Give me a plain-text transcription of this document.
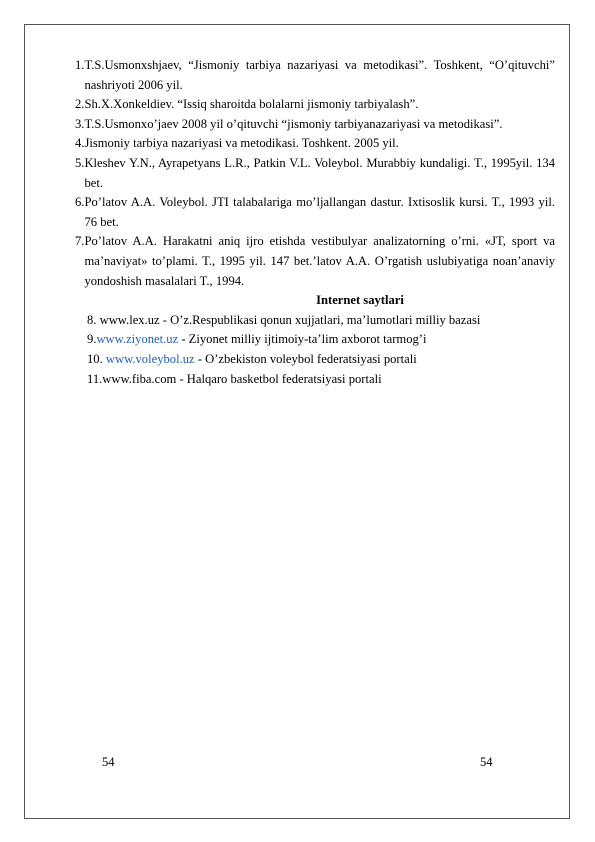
1. T.S.Usmonxshjaev, “Jismoniy tarbiya nazariyasi va metodikasi”. Toshkent, “O’qituvchi” nashriyoti 2006 yil.

2. Sh.X.Xonkeldiev. “Issiq sharoitda bolalarni jismoniy tarbiyalash”.

3. T.S.Usmonxo’jaev 2008 yil o’qituvchi “jismoniy tarbiyanazariyasi va metodikasi”.

4. Jismoniy tarbiya nazariyasi va metodikasi. Toshkent. 2005 yil.

5. Kleshev Y.N., Ayrapetyans L.R., Patkin V.L. Voleybol. Murabbiy kundaligi. T., 1995yil. 134 bet.

6. Po’latov A.A. Voleybol. JTI talabalariga mo’ljallangan dastur. Ixtisoslik kursi. T., 1993 yil. 76 bet.

7. Po’latov A.A. Harakatni aniq ijro etishda vestibulyar analizatorning o’rni. «JT, sport va ma’naviyat» to’plami. T., 1995 yil. 147 bet.’latov A.A. O’rgatish uslubiyatiga noan’anaviy yondoshish masalalari T., 1994.

Internet saytlari

8. www.lex.uz - O’z.Respublikasi qonun xujjatlari, ma’lumotlari milliy bazasi

9.www.ziyonet.uz - Ziyonet milliy ijtimoiy-ta’lim axborot tarmog’i

10. www.voleybol.uz - O’zbekiston voleybol federatsiyasi portali

11.www.fiba.com - Halqaro basketbol federatsiyasi portali

54	54
